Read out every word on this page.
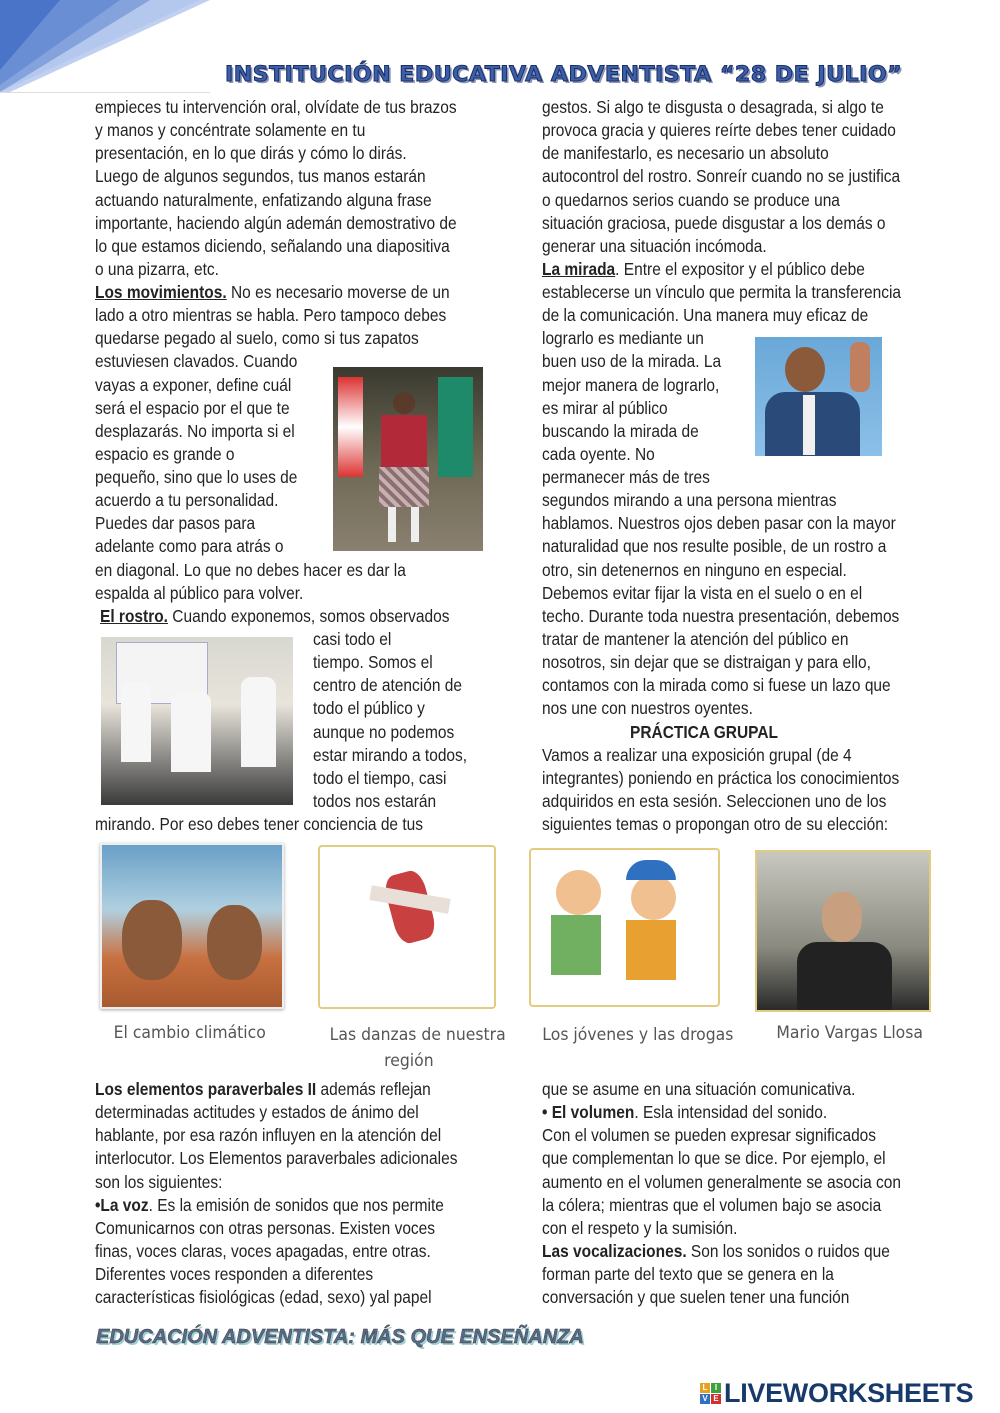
INSTITUCIÓN EDUCATIVA ADVENTISTA “28 DE JULIO”
empieces tu intervención oral, olvídate de tus brazos
y manos y concéntrate solamente en tu
presentación, en lo que dirás y cómo lo dirás.
Luego de algunos segundos, tus manos estarán
actuando naturalmente, enfatizando alguna frase
importante, haciendo algún ademán demostrativo de
lo que estamos diciendo, señalando una diapositiva
o una pizarra, etc.
Los movimientos. No es necesario moverse de un
lado a otro mientras se habla. Pero tampoco debes
quedarse pegado al suelo, como si tus zapatos
estuviesen clavados. Cuando
vayas a exponer, define cuál
será el espacio por el que te
desplazarás. No importa si el
espacio es grande o
pequeño, sino que lo uses de
acuerdo a tu personalidad.
Puedes dar pasos para
adelante como para atrás o
en diagonal. Lo que no debes hacer es dar la
espalda al público para volver.
El rostro. Cuando exponemos, somos observados
casi todo el
tiempo. Somos el
centro de atención de
todo el público y
aunque no podemos
estar mirando a todos,
todo el tiempo, casi
todos nos estarán
mirando. Por eso debes tener conciencia de tus
gestos. Si algo te disgusta o desagrada, si algo te
provoca gracia y quieres reírte debes tener cuidado
de manifestarlo, es necesario un absoluto
autocontrol del rostro. Sonreír cuando no se justifica
o quedarnos serios cuando se produce una
situación graciosa, puede disgustar a los demás o
generar una situación incómoda.
La mirada. Entre el expositor y el público debe
establecerse un vínculo que permita la transferencia
de la comunicación. Una manera muy eficaz de
lograrlo es mediante un
buen uso de la mirada. La
mejor manera de lograrlo,
es mirar al público
buscando la mirada de
cada oyente. No
permanecer más de tres
segundos mirando a una persona mientras
hablamos. Nuestros ojos deben pasar con la mayor
naturalidad que nos resulte posible, de un rostro a
otro, sin detenernos en ninguno en especial.
Debemos evitar fijar la vista en el suelo o en el
techo. Durante toda nuestra presentación, debemos
tratar de mantener la atención del público en
nosotros, sin dejar que se distraigan y para ello,
contamos con la mirada como si fuese un lazo que
nos une con nuestros oyentes.
PRÁCTICA GRUPAL
Vamos a realizar una exposición grupal (de 4
integrantes) poniendo en práctica los conocimientos
adquiridos en esta sesión. Seleccionen uno de los
siguientes temas o propongan otro de su elección:
El cambio climático	Las danzas de nuestra
región
Los jóvenes y las drogas	Mario Vargas Llosa
Los elementos paraverbales II además reflejan
determinadas actitudes y estados de ánimo del
hablante, por esa razón influyen en la atención del
interlocutor. Los Elementos paraverbales adicionales
son los siguientes:
•La voz. Es la emisión de sonidos que nos permite
Comunicarnos con otras personas. Existen voces
finas, voces claras, voces apagadas, entre otras.
Diferentes voces responden a diferentes
características fisiológicas (edad, sexo) yal papel
que se asume en una situación comunicativa.
• El volumen. Esla intensidad del sonido.
Con el volumen se pueden expresar significados
que complementan lo que se dice. Por ejemplo, el
aumento en el volumen generalmente se asocia con
la cólera; mientras que el volumen bajo se asocia
con el respeto y la sumisión.
Las vocalizaciones. Son los sonidos o ruidos que
forman parte del texto que se genera en la
conversación y que suelen tener una función
EDUCACIÓN ADVENTISTA: MÁS QUE ENSEÑANZA
L I
V E LIVEWORKSHEETS
